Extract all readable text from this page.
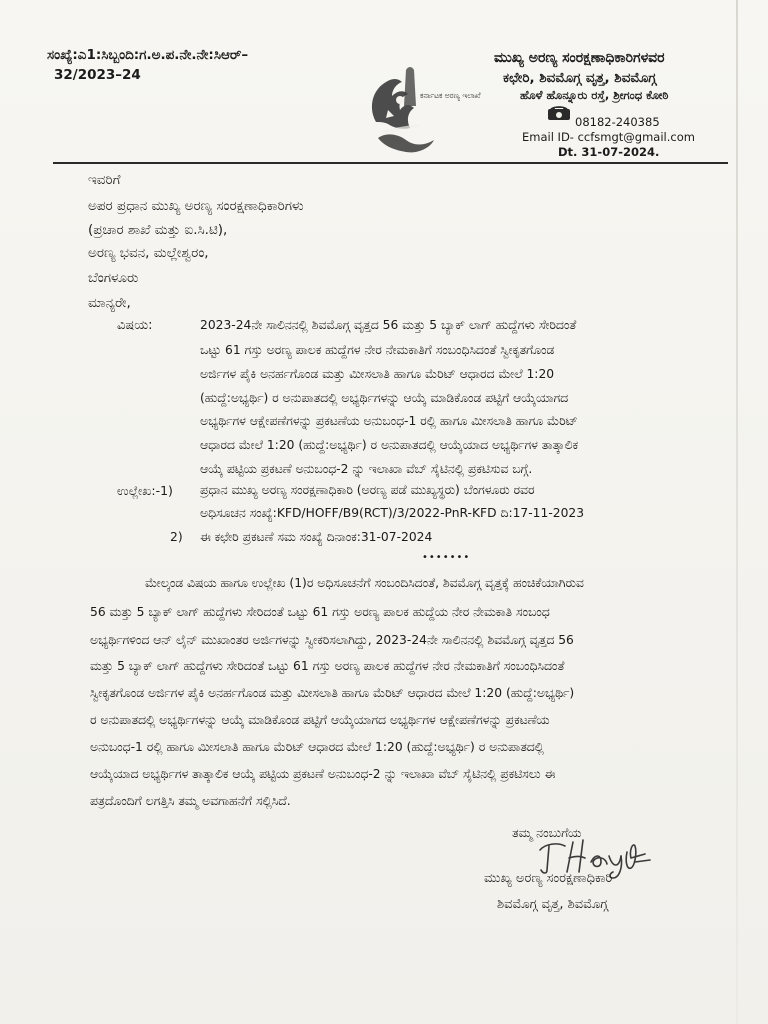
ಸಂಖ್ಯೆ:ಎ1:ಸಿಬ್ಬಂದಿ:ಗ.ಅ.ಪ.ನೇ.ನೇ:ಸಿಆರ್–
32/2023–24
ಕರ್ನಾಟಕ ಅರಣ್ಯ ಇಲಾಖೆ
ಮುಖ್ಯ ಅರಣ್ಯ ಸಂರಕ್ಷಣಾಧಿಕಾರಿಗಳವರ
ಕಛೇರಿ, ಶಿವಮೊಗ್ಗ ವೃತ್ತ, ಶಿವಮೊಗ್ಗ
ಹೊಳೆ ಹೊನ್ನೂರು ರಸ್ತೆ, ಶ್ರೀಗಂಧ ಕೋಠಿ
08182-240385
Email ID- ccfsmgt@gmail.com
Dt. 31-07-2024.
ಇವರಿಗೆ
ಅಪರ ಪ್ರಧಾನ ಮುಖ್ಯ ಅರಣ್ಯ ಸಂರಕ್ಷಣಾಧಿಕಾರಿಗಳು
(ಪ್ರಚಾರ ಶಾಖೆ ಮತ್ತು ಐ.ಸಿ.ಟಿ),
ಅರಣ್ಯ ಭವನ, ಮಲ್ಲೇಶ್ವರಂ,
ಬೆಂಗಳೂರು
ಮಾನ್ಯರೇ,
ವಿಷಯ:	2023-24ನೇ ಸಾಲಿನನಲ್ಲಿ ಶಿವಮೊಗ್ಗ ವೃತ್ತದ 56 ಮತ್ತು 5 ಬ್ಯಾಕ್ ಲಾಗ್ ಹುದ್ದೆಗಳು ಸೇರಿದಂತೆ
ಒಟ್ಟು 61 ಗಸ್ತು ಅರಣ್ಯ ಪಾಲಕ ಹುದ್ದೆಗಳ ನೇರ ನೇಮಕಾತಿಗೆ ಸಂಬಂಧಿಸಿದಂತೆ ಸ್ವೀಕೃತಗೊಂಡ
ಅರ್ಜಿಗಳ ಪೈಕಿ ಅನರ್ಹಗೊಂಡ ಮತ್ತು ಮೀಸಲಾತಿ ಹಾಗೂ ಮೆರಿಟ್ ಆಧಾರದ ಮೇಲೆ 1:20
(ಹುದ್ದೆ:ಅಭ್ಯರ್ಥಿ) ರ ಅನುಪಾತದಲ್ಲಿ ಅಭ್ಯರ್ಥಿಗಳನ್ನು ಆಯ್ಕೆ ಮಾಡಿಕೊಂಡ ಪಟ್ಟಿಗೆ ಆಯ್ಕೆಯಾಗದ
ಅಭ್ಯರ್ಥಿಗಳ ಆಕ್ಷೇಪಣೆಗಳನ್ನು ಪ್ರಕಟಣೆಯ ಅನುಬಂಧ-1 ರಲ್ಲಿ ಹಾಗೂ ಮೀಸಲಾತಿ ಹಾಗೂ ಮೆರಿಟ್
ಆಧಾರದ ಮೇಲೆ 1:20 (ಹುದ್ದೆ:ಅಭ್ಯರ್ಥಿ) ರ ಅನುಪಾತದಲ್ಲಿ ಆಯ್ಕೆಯಾದ ಅಭ್ಯರ್ಥಿಗಳ ತಾತ್ಕಾಲಿಕ
ಆಯ್ಕೆ ಪಟ್ಟಿಯ ಪ್ರಕಟಣೆ ಅನುಬಂಧ-2 ನ್ನು ಇಲಾಖಾ ವೆಬ್ ಸೈಟಿನಲ್ಲಿ ಪ್ರಕಟಿಸುವ ಬಗ್ಗೆ.
ಉಲ್ಲೇಖ:-1) ಪ್ರಧಾನ ಮುಖ್ಯ ಅರಣ್ಯ ಸಂರಕ್ಷಣಾಧಿಕಾರಿ (ಅರಣ್ಯ ಪಡೆ ಮುಖ್ಯಸ್ಥರು) ಬೆಂಗಳೂರು ರವರ
ಅಧಿಸೂಚನ ಸಂಖ್ಯೆ:KFD/HOFF/B9(RCT)/3/2022-PnR-KFD ದಿ:17-11-2023
2) ಈ ಕಛೇರಿ ಪ್ರಕಟಣೆ ಸಮ ಸಂಖ್ಯೆ ದಿನಾಂಕ:31-07-2024
•••••••
ಮೇಲ್ಕಂಡ ವಿಷಯ ಹಾಗೂ ಉಲ್ಲೇಖ (1)ರ ಅಧಿಸೂಚನೆಗೆ ಸಂಬಂದಿಸಿದಂತೆ, ಶಿವಮೊಗ್ಗ ವೃತ್ತಕ್ಕೆ ಹಂಚಿಕೆಯಾಗಿರುವ
56 ಮತ್ತು 5 ಬ್ಯಾಕ್ ಲಾಗ್ ಹುದ್ದೆಗಳು ಸೇರಿದಂತೆ ಒಟ್ಟು 61 ಗಸ್ತು ಅರಣ್ಯ ಪಾಲಕ ಹುದ್ದೆಯ ನೇರ ನೇಮಕಾತಿ ಸಂಬಂಧ
ಅಭ್ಯರ್ಥಿಗಳಿಂದ ಆನ್ ಲೈನ್ ಮುಖಾಂತರ ಅರ್ಜಿಗಳನ್ನು ಸ್ವೀಕರಿಸಲಾಗಿದ್ದು, 2023-24ನೇ ಸಾಲಿನನಲ್ಲಿ ಶಿವಮೊಗ್ಗ ವೃತ್ತದ 56
ಮತ್ತು 5 ಬ್ಯಾಕ್ ಲಾಗ್ ಹುದ್ದೆಗಳು ಸೇರಿದಂತೆ ಒಟ್ಟು 61 ಗಸ್ತು ಅರಣ್ಯ ಪಾಲಕ ಹುದ್ದೆಗಳ ನೇರ ನೇಮಕಾತಿಗೆ ಸಂಬಂಧಿಸಿದಂತೆ
ಸ್ವೀಕೃತಗೊಂಡ ಅರ್ಜಿಗಳ ಪೈಕಿ ಅನರ್ಹಗೊಂಡ ಮತ್ತು ಮೀಸಲಾತಿ ಹಾಗೂ ಮೆರಿಟ್ ಆಧಾರದ ಮೇಲೆ 1:20 (ಹುದ್ದೆ:ಅಭ್ಯರ್ಥಿ)
ರ ಅನುಪಾತದಲ್ಲಿ ಅಭ್ಯರ್ಥಿಗಳನ್ನು ಆಯ್ಕೆ ಮಾಡಿಕೊಂಡ ಪಟ್ಟಿಗೆ ಆಯ್ಕೆಯಾಗದ ಅಭ್ಯರ್ಥಿಗಳ ಆಕ್ಷೇಪಣೆಗಳನ್ನು ಪ್ರಕಟಣೆಯ
ಅನುಬಂಧ-1 ರಲ್ಲಿ ಹಾಗೂ ಮೀಸಲಾತಿ ಹಾಗೂ ಮೆರಿಟ್ ಆಧಾರದ ಮೇಲೆ 1:20 (ಹುದ್ದೆ:ಅಭ್ಯರ್ಥಿ) ರ ಅನುಪಾತದಲ್ಲಿ
ಆಯ್ಕೆಯಾದ ಅಭ್ಯರ್ಥಿಗಳ ತಾತ್ಕಾಲಿಕ ಆಯ್ಕೆ ಪಟ್ಟಿಯ ಪ್ರಕಟಣೆ ಅನುಬಂಧ-2 ನ್ನು ಇಲಾಖಾ ವೆಬ್ ಸೈಟಿನಲ್ಲಿ ಪ್ರಕಟಿಸಲು ಈ
ಪತ್ರದೊಂದಿಗೆ ಲಗತ್ತಿಸಿ ತಮ್ಮ ಅವಗಾಹನೆಗೆ ಸಲ್ಲಿಸಿದೆ.
ತಮ್ಮ ನಂಬುಗೆಯ
ಮುಖ್ಯ ಅರಣ್ಯ ಸಂರಕ್ಷಣಾಧಿಕಾರಿ
ಶಿವಮೊಗ್ಗ ವೃತ್ತ, ಶಿವಮೊಗ್ಗ
